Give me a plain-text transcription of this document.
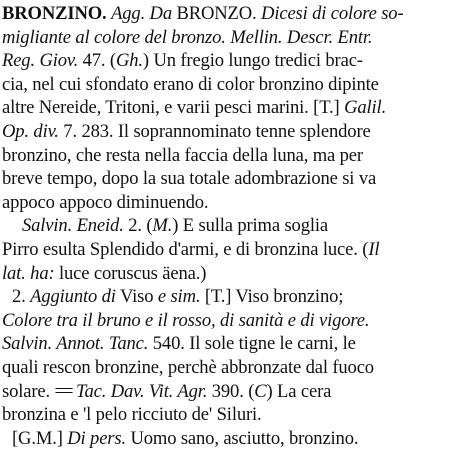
BRONZINO. Agg. Da BRONZO. Dicesi di colore so-
migliante al colore del bronzo. Mellin. Descr. Entr.
Reg. Giov. 47. (Gh.) Un fregio lungo tredici brac-
cia, nel cui sfondato erano di color bronzino dipinte
altre Nereide, Tritoni, e varii pesci marini. [T.] Galil.
Op. div. 7. 283. Il soprannominato tenne splendore
bronzino, che resta nella faccia della luna, ma per
breve tempo, dopo la sua totale adombrazione si va
appoco appoco diminuendo.
Salvin. Eneid. 2. (M.) E sulla prima soglia
Pirro esulta Splendido d'armi, e di bronzina luce. (Il
lat. ha: luce coruscus äena.)
2. Aggiunto di Viso e sim. [T.] Viso bronzino;
Colore tra il bruno e il rosso, di sanità e di vigore.
Salvin. Annot. Tanc. 540. Il sole tigne le carni, le
quali rescon bronzine, perchè abbronzate dal fuoco
solare. == Tac. Dav. Vit. Agr. 390. (C) La cera
bronzina e 'l pelo ricciuto de' Siluri.
[G.M.] Di pers. Uomo sano, asciutto, bronzino.
